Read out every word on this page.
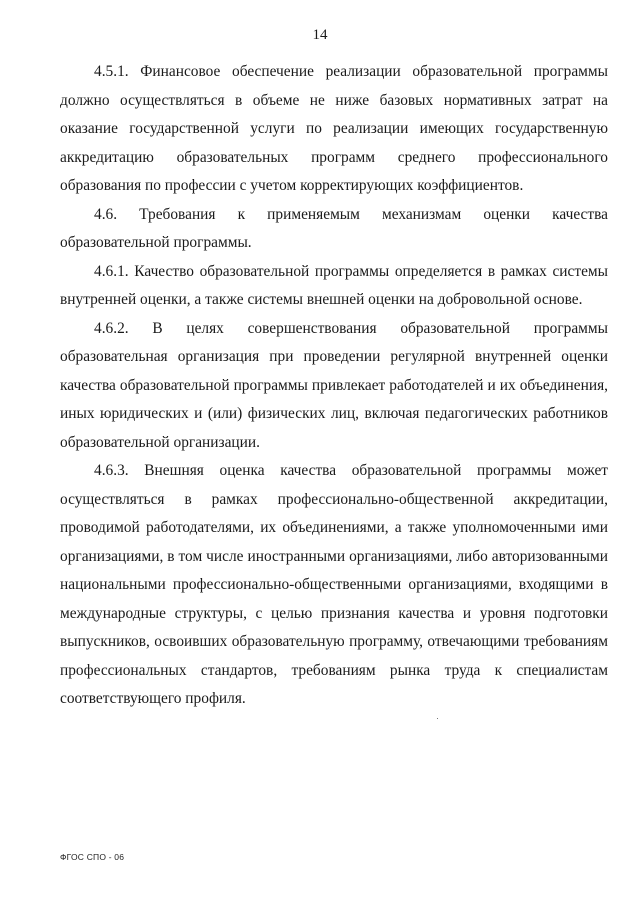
14

4.5.1. Финансовое обеспечение реализации образовательной программы должно осуществляться в объеме не ниже базовых нормативных затрат на оказание государственной услуги по реализации имеющих государственную аккредитацию образовательных программ среднего профессионального образования по профессии с учетом корректирующих коэффициентов.

4.6. Требования к применяемым механизмам оценки качества образовательной программы.

4.6.1. Качество образовательной программы определяется в рамках системы внутренней оценки, а также системы внешней оценки на добровольной основе.

4.6.2. В целях совершенствования образовательной программы образовательная организация при проведении регулярной внутренней оценки качества образовательной программы привлекает работодателей и их объединения, иных юридических и (или) физических лиц, включая педагогических работников образовательной организации.

4.6.3. Внешняя оценка качества образовательной программы может осуществляться в рамках профессионально-общественной аккредитации, проводимой работодателями, их объединениями, а также уполномоченными ими организациями, в том числе иностранными организациями, либо авторизованными национальными профессионально-общественными организациями, входящими в международные структуры, с целью признания качества и уровня подготовки выпускников, освоивших образовательную программу, отвечающими требованиям профессиональных стандартов, требованиям рынка труда к специалистам соответствующего профиля.

ФГОС СПО - 06
